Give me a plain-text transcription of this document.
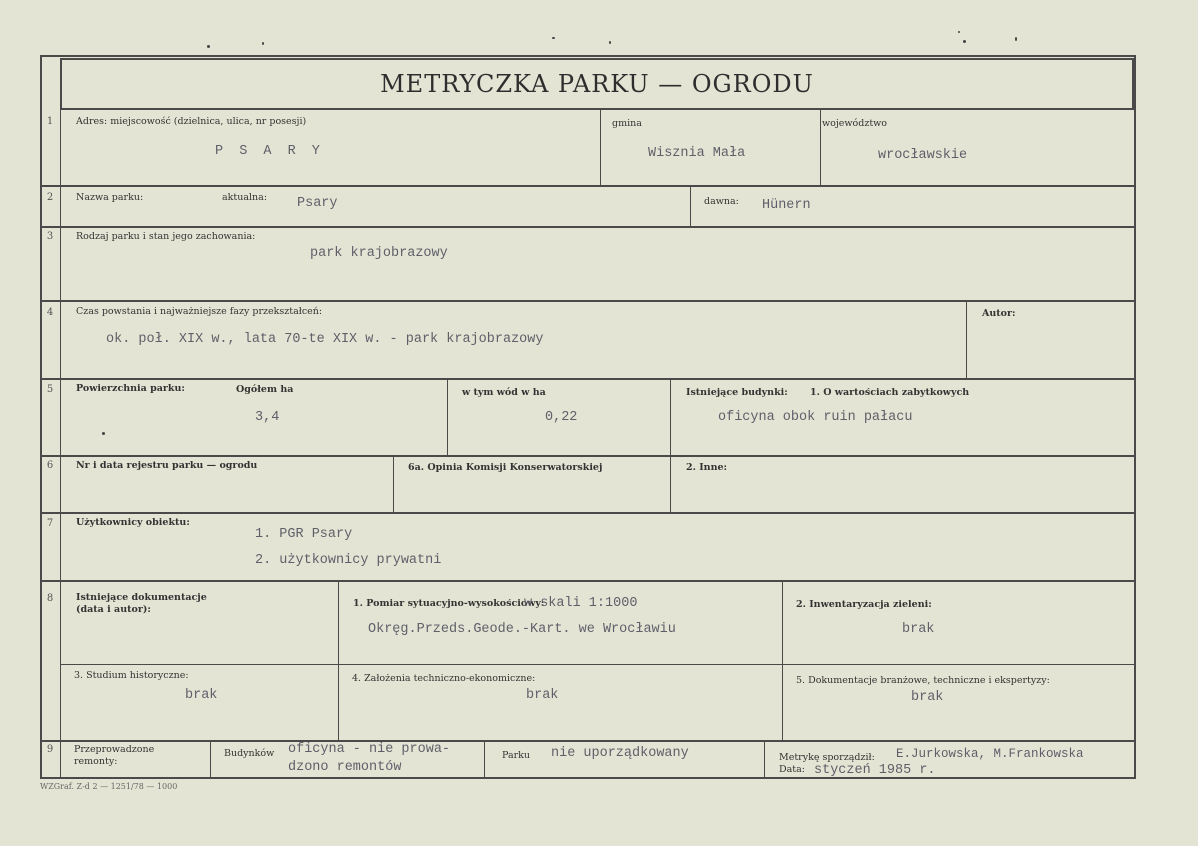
METRYCZKA PARKU — OGRODU
1	Adres: miejscowość (dzielnica, ulica, nr posesji)
P S A R Y
gmina
Wisznia Mała
województwo
wrocławskie
2	Nazwa parku:	aktualna: Psary	dawna: Hünern
3	Rodzaj parku i stan jego zachowania:
park krajobrazowy
4	Czas powstania i najważniejsze fazy przekształceń:
ok. poł. XIX w., lata 70-te XIX w. - park krajobrazowy
Autor:
5	Powierzchnia parku:	Ogółem ha
3,4
w tym wód w ha
0,22
Istniejące budynki: 1. O wartościach zabytkowych
oficyna obok ruin pałacu
6	Nr i data rejestru parku — ogrodu	6a. Opinia Komisji Konserwatorskiej	2. Inne:
7	Użytkownicy obiektu:
1. PGR Psary
2. użytkownicy prywatni
8	Istniejące dokumentacje
(data i autor):
1. Pomiar sytuacyjno-wysokościowy:
w skali 1:1000
Okręg.Przeds.Geode.-Kart. we Wrocławiu
2. Inwentaryzacja zieleni:
brak
3. Studium historyczne:
brak
4. Założenia techniczno-ekonomiczne:
brak
5. Dokumentacje branżowe, techniczne i ekspertyzy:
brak
9	Przeprowadzone
remonty:
Budynków oficyna - nie prowa-
dzono remontów
Parku nie uporządkowany	Metrykę sporządził: E.Jurkowska, M.Frankowska
Data: styczeń 1985 r.
WZGraf. Z-d 2 — 1251/78 — 1000
